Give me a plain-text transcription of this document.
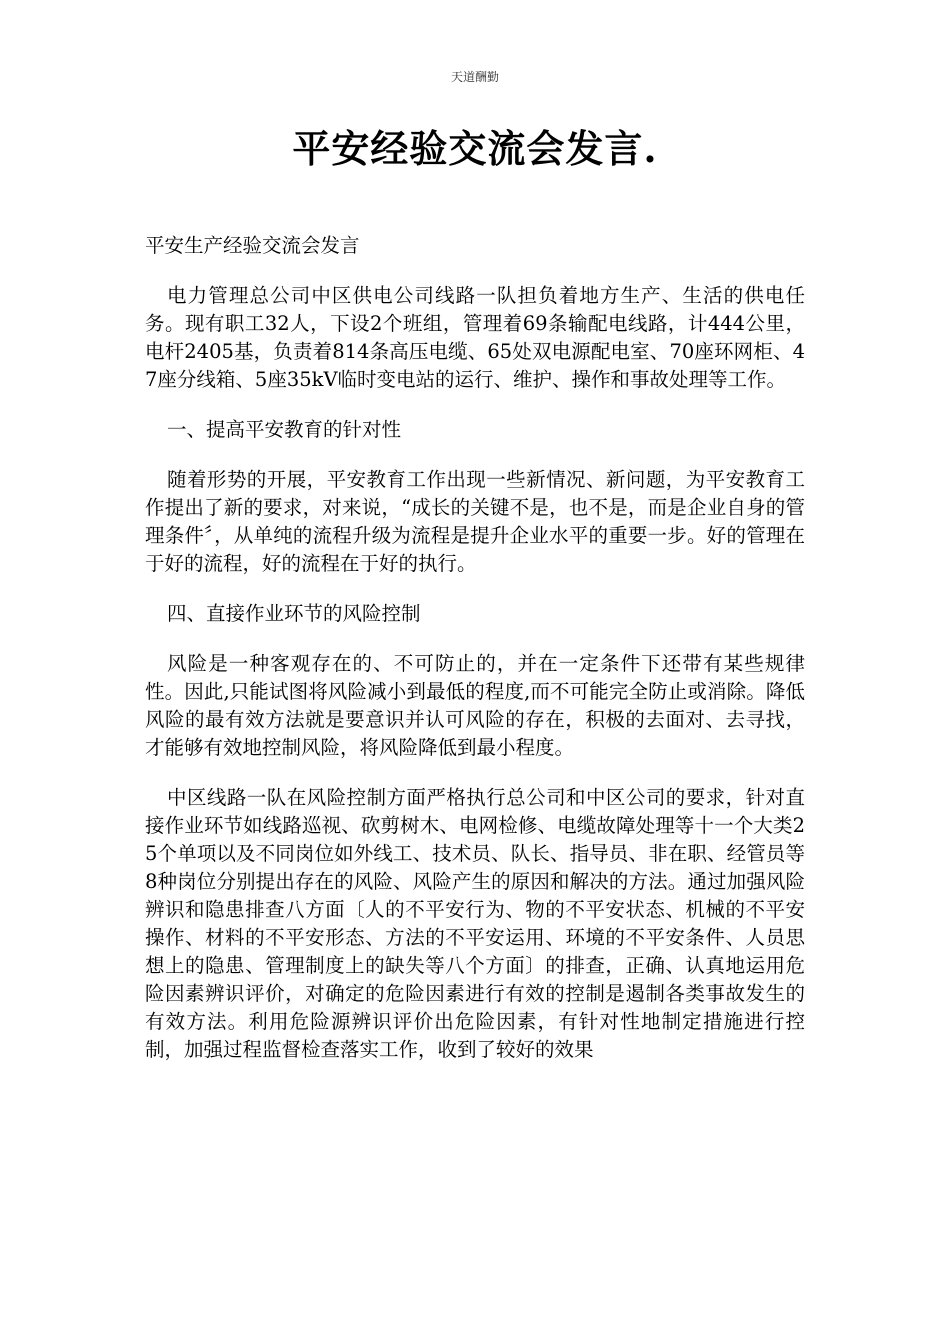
天道酬勤
平安经验交流会发言.

平安生产经验交流会发言

电力管理总公司中区供电公司线路一队担负着地方生产、生活的供电任务。现有职工32人，下设2个班组，管理着69条输配电线路，计444公里，电杆2405基，负责着814条高压电缆、65处双电源配电室、70座环网柜、47座分线箱、5座35kV临时变电站的运行、维护、操作和事故处理等工作。

一、提高平安教育的针对性

随着形势的开展，平安教育工作出现一些新情况、新问题，为平安教育工作提出了新的要求，对来说，“成长的关键不是，也不是，而是企业自身的管理条件〞，从单纯的流程升级为流程是提升企业水平的重要一步。好的管理在于好的流程，好的流程在于好的执行。

四、直接作业环节的风险控制

风险是一种客观存在的、不可防止的，并在一定条件下还带有某些规律性。因此,只能试图将风险减小到最低的程度,而不可能完全防止或消除。降低风险的最有效方法就是要意识并认可风险的存在，积极的去面对、去寻找，才能够有效地控制风险，将风险降低到最小程度。

中区线路一队在风险控制方面严格执行总公司和中区公司的要求，针对直接作业环节如线路巡视、砍剪树木、电网检修、电缆故障处理等十一个大类25个单项以及不同岗位如外线工、技术员、队长、指导员、非在职、经管员等8种岗位分别提出存在的风险、风险产生的原因和解决的方法。通过加强风险辨识和隐患排查八方面〔人的不平安行为、物的不平安状态、机械的不平安操作、材料的不平安形态、方法的不平安运用、环境的不平安条件、人员思想上的隐患、管理制度上的缺失等八个方面〕的排查，正确、认真地运用危险因素辨识评价，对确定的危险因素进行有效的控制是遏制各类事故发生的有效方法。利用危险源辨识评价出危险因素，有针对性地制定措施进行控制，加强过程监督检查落实工作，收到了较好的效果
